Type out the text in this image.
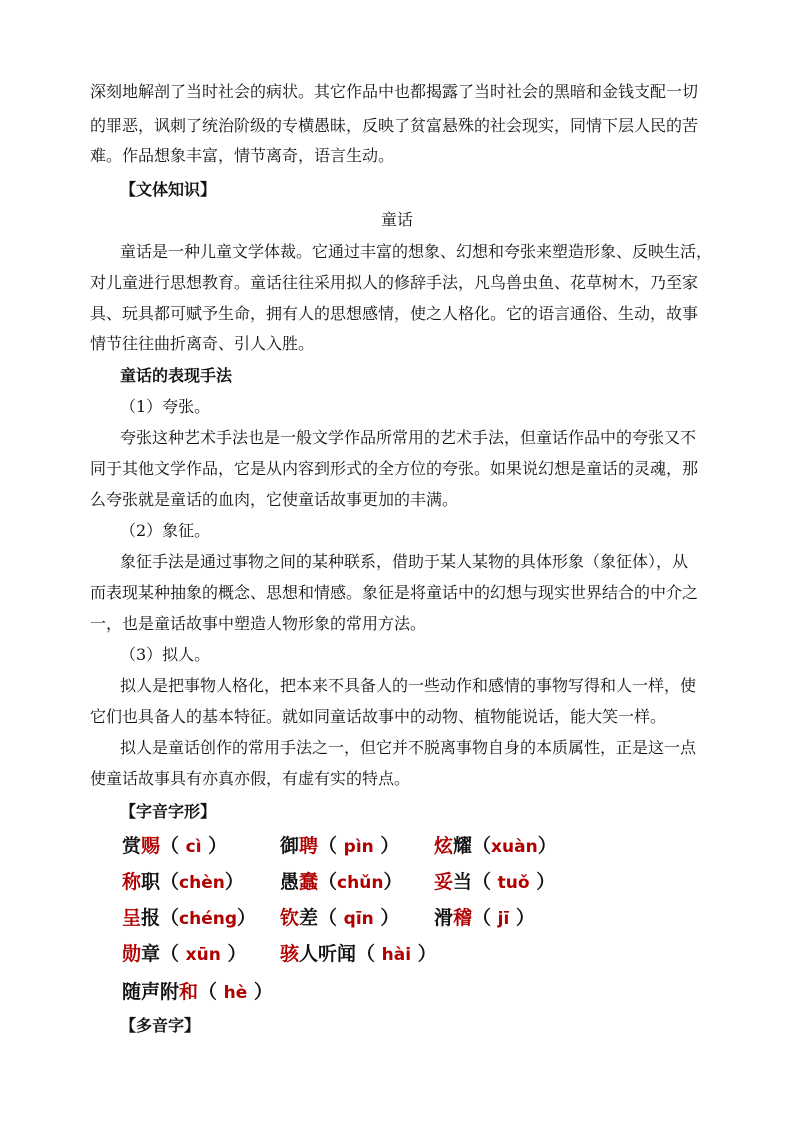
深刻地解剖了当时社会的病状。其它作品中也都揭露了当时社会的黑暗和金钱支配一切
的罪恶，讽刺了统治阶级的专横愚昧，反映了贫富悬殊的社会现实，同情下层人民的苦
难。作品想象丰富，情节离奇，语言生动。
【文体知识】
童话
童话是一种儿童文学体裁。它通过丰富的想象、幻想和夸张来塑造形象、反映生活，
对儿童进行思想教育。童话往往采用拟人的修辞手法，凡鸟兽虫鱼、花草树木，乃至家
具、玩具都可赋予生命，拥有人的思想感情，使之人格化。它的语言通俗、生动，故事
情节往往曲折离奇、引人入胜。
童话的表现手法
（1）夸张。
夸张这种艺术手法也是一般文学作品所常用的艺术手法，但童话作品中的夸张又不
同于其他文学作品，它是从内容到形式的全方位的夸张。如果说幻想是童话的灵魂，那
么夸张就是童话的血肉，它使童话故事更加的丰满。
（2）象征。
象征手法是通过事物之间的某种联系，借助于某人某物的具体形象（象征体），从
而表现某种抽象的概念、思想和情感。象征是将童话中的幻想与现实世界结合的中介之
一，也是童话故事中塑造人物形象的常用方法。
（3）拟人。
拟人是把事物人格化，把本来不具备人的一些动作和感情的事物写得和人一样，使
它们也具备人的基本特征。就如同童话故事中的动物、植物能说话，能大笑一样。
拟人是童话创作的常用手法之一，但它并不脱离事物自身的本质属性，正是这一点
使童话故事具有亦真亦假，有虚有实的特点。
【字音字形】
赏赐（ cì ）	御聘（ pìn ） 炫耀（xuàn）
称职（chèn） 愚蠢（chǔn） 妥当（ tuǒ ）
呈报（chéng） 钦差（ qīn ） 滑稽（ jī ）
勋章（ xūn ） 骇人听闻（ hài ）
随声附和（ hè ）
【多音字】
